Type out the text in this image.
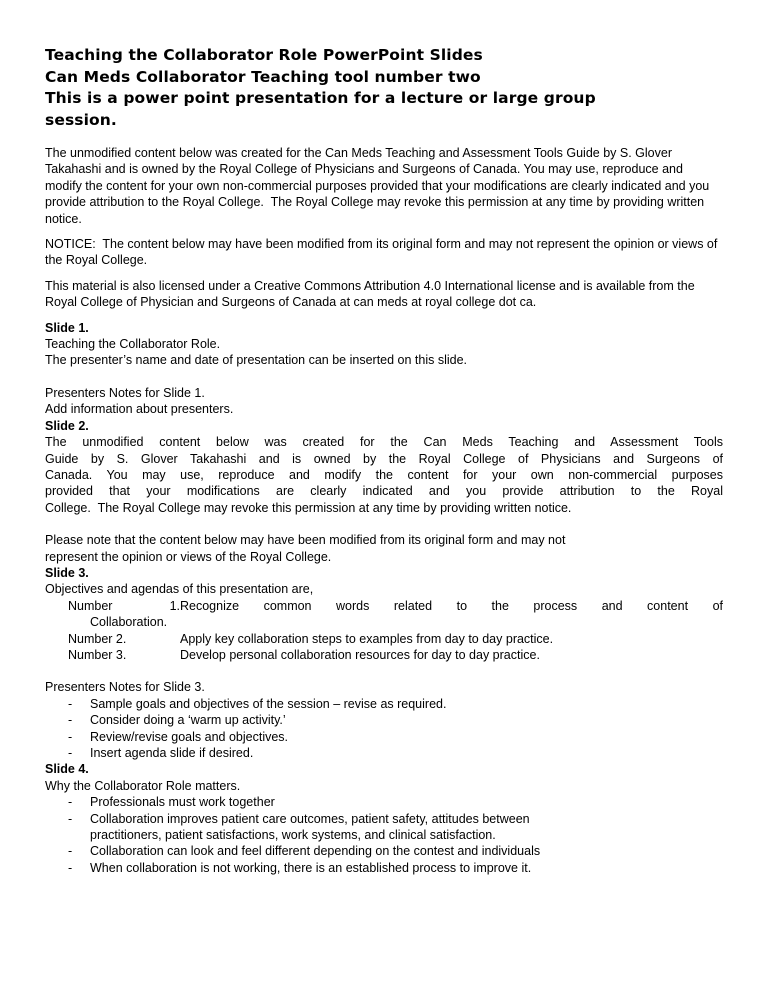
Teaching the Collaborator Role PowerPoint Slides
Can Meds Collaborator Teaching tool number two
This is a power point presentation for a lecture or large group
session.

The unmodified content below was created for the Can Meds Teaching and Assessment Tools Guide by S. Glover Takahashi and is owned by the Royal College of Physicians and Surgeons of Canada. You may use, reproduce and modify the content for your own non-commercial purposes provided that your modifications are clearly indicated and you provide attribution to the Royal College.  The Royal College may revoke this permission at any time by providing written notice.

NOTICE:  The content below may have been modified from its original form and may not represent the opinion or views of the Royal College.

This material is also licensed under a Creative Commons Attribution 4.0 International license and is available from the Royal College of Physician and Surgeons of Canada at can meds at royal college dot ca.

Slide 1.

Teaching the Collaborator Role.
The presenter’s name and date of presentation can be inserted on this slide.
Presenters Notes for Slide 1.
Add information about presenters.

Slide 2.

The unmodified content below was created for the Can Meds Teaching and Assessment Tools
Guide by S. Glover Takahashi and is owned by the Royal College of Physicians and Surgeons of
Canada. You may use, reproduce and modify the content for your own non-commercial purposes
provided that your modifications are clearly indicated and you provide attribution to the Royal
College.  The Royal College may revoke this permission at any time by providing written notice.
Please note that the content below may have been modified from its original form and may not
represent the opinion or views of the Royal College.

Slide 3.

Objectives and agendas of this presentation are,
Number 1.Recognize common words related to the process and content of
Collaboration.
Number 2.	Apply key collaboration steps to examples from day to day practice.
Number 3.	Develop personal collaboration resources for day to day practice.
Presenters Notes for Slide 3.
- Sample goals and objectives of the session – revise as required.
- Consider doing a ‘warm up activity.’
- Review/revise goals and objectives.
- Insert agenda slide if desired.

Slide 4.

Why the Collaborator Role matters.
- Professionals must work together
- Collaboration improves patient care outcomes, patient safety, attitudes between
practitioners, patient satisfactions, work systems, and clinical satisfaction.
- Collaboration can look and feel different depending on the contest and individuals
- When collaboration is not working, there is an established process to improve it.
